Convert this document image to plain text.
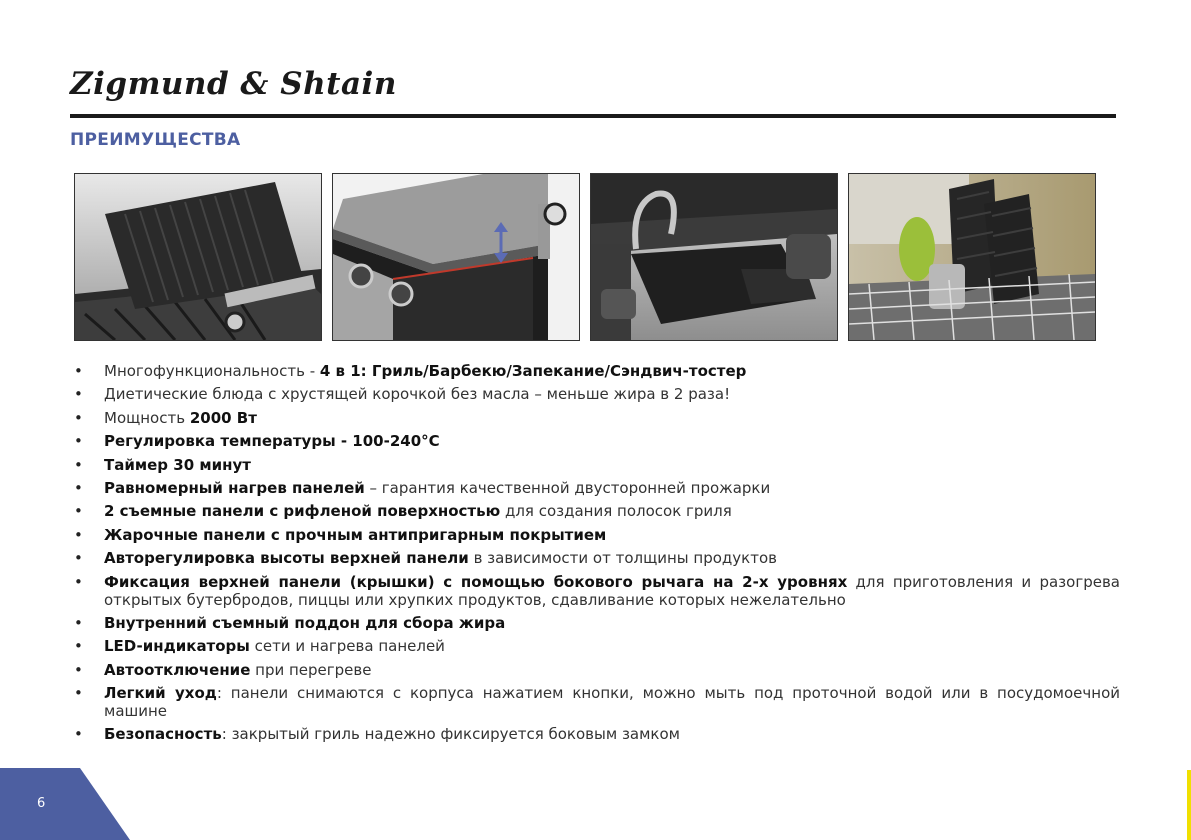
Zigmund & Shtain
ПРЕИМУЩЕСТВА
• Многофункциональность - 4 в 1: Гриль/Барбекю/Запекание/Сэндвич-тостер
• Диетические блюда с хрустящей корочкой без масла – меньше жира в 2 раза!
• Мощность 2000 Вт
• Регулировка температуры - 100-240°С
• Таймер 30 минут
• Равномерный нагрев панелей – гарантия качественной двусторонней прожарки
• 2 съемные панели с рифленой поверхностью для создания полосок гриля
• Жарочные панели с прочным антипригарным покрытием
• Авторегулировка высоты верхней панели в зависимости от толщины продуктов
• Фиксация верхней панели (крышки) с помощью бокового рычага на 2-х уровнях для приготовления и разогрева открытых бутербродов, пиццы или хрупких продуктов, сдавливание которых нежелательно
• Внутренний съемный поддон для сбора жира
• LED-индикаторы сети и нагрева панелей
• Автоотключение при перегреве
• Легкий уход: панели снимаются с корпуса нажатием кнопки, можно мыть под проточной водой или в посудомоечной машине
• Безопасность: закрытый гриль надежно фиксируется боковым замком
6
